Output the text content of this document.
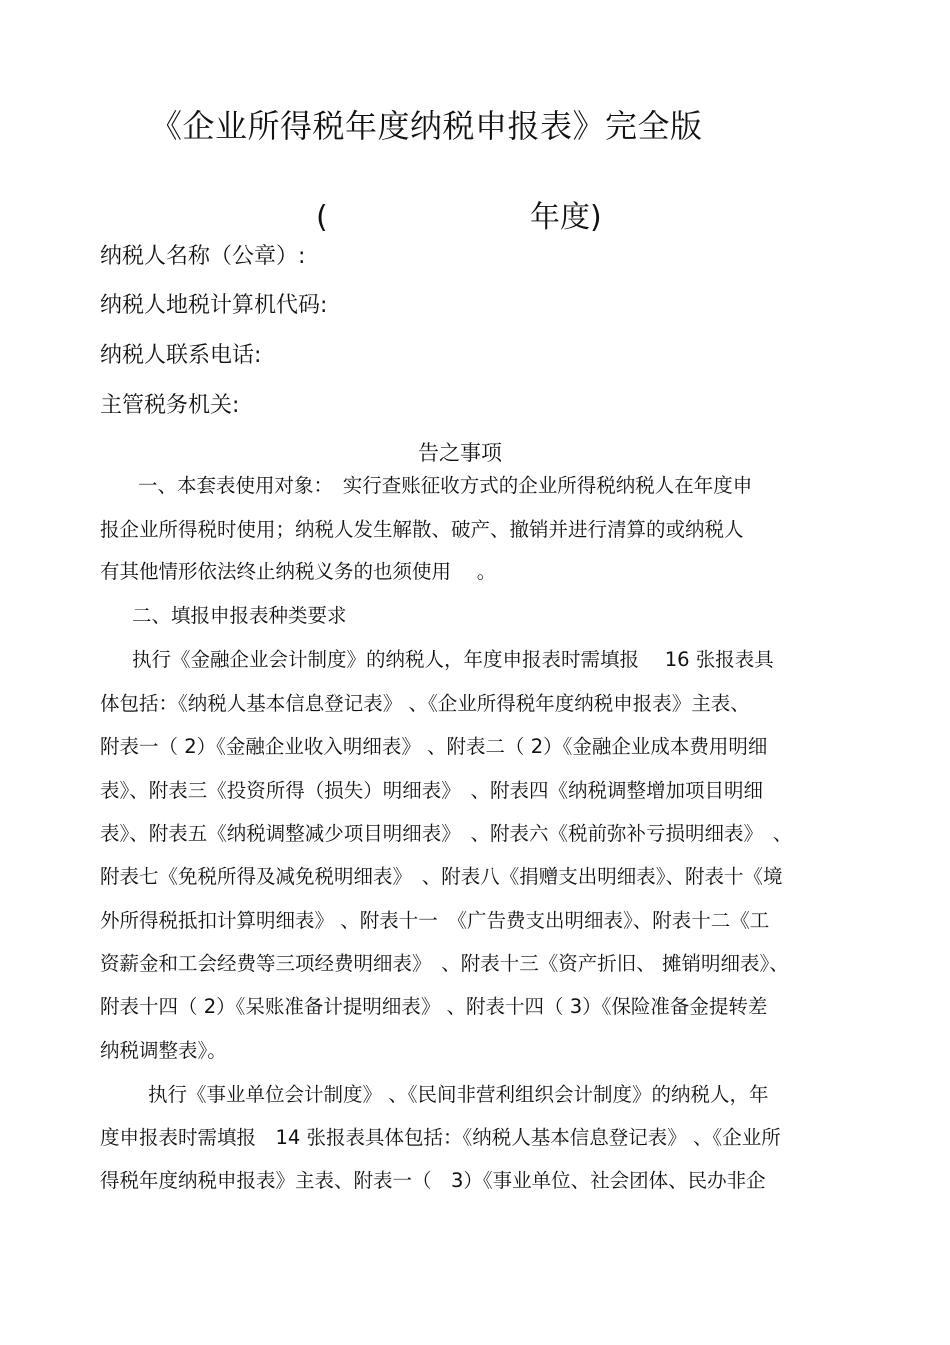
《企业所得税年度纳税申报表》完全版
(	年度)
纳税人名称（公章）:
纳税人地税计算机代码:
纳税人联系电话:
主管税务机关:
告之事项
一、本套表使用对象：　实行查账征收方式的企业所得税纳税人在年度申
报企业所得税时使用；纳税人发生解散、破产、撤销并进行清算的或纳税人
有其他情形依法终止纳税义务的也须使用　 。
二、填报申报表种类要求
执行《金融企业会计制度》的纳税人，年度申报表时需填报　 16 张报表具
体包括：《纳税人基本信息登记表》 、《企业所得税年度纳税申报表》主表、
附表一（ 2）《金融企业收入明细表》 、附表二（ 2）《金融企业成本费用明细
表》、附表三《投资所得（损失）明细表》　、附表四《纳税调整增加项目明细
表》、附表五《纳税调整减少项目明细表》　、附表六《税前弥补亏损明细表》　、
附表七《免税所得及减免税明细表》　、附表八《捐赠支出明细表》、附表十《境
外所得税抵扣计算明细表》 、附表十一　《广告费支出明细表》、附表十二《工
资薪金和工会经费等三项经费明细表》　、附表十三《资产折旧、 摊销明细表》、
附表十四（ 2）《呆账准备计提明细表》 、附表十四（ 3）《保险准备金提转差
纳税调整表》。
执行《事业单位会计制度》 、《民间非营利组织会计制度》的纳税人，年
度申报表时需填报　14 张报表具体包括：《纳税人基本信息登记表》 、《企业所
得税年度纳税申报表》主表、附表一（　3）《事业单位、社会团体、民办非企
